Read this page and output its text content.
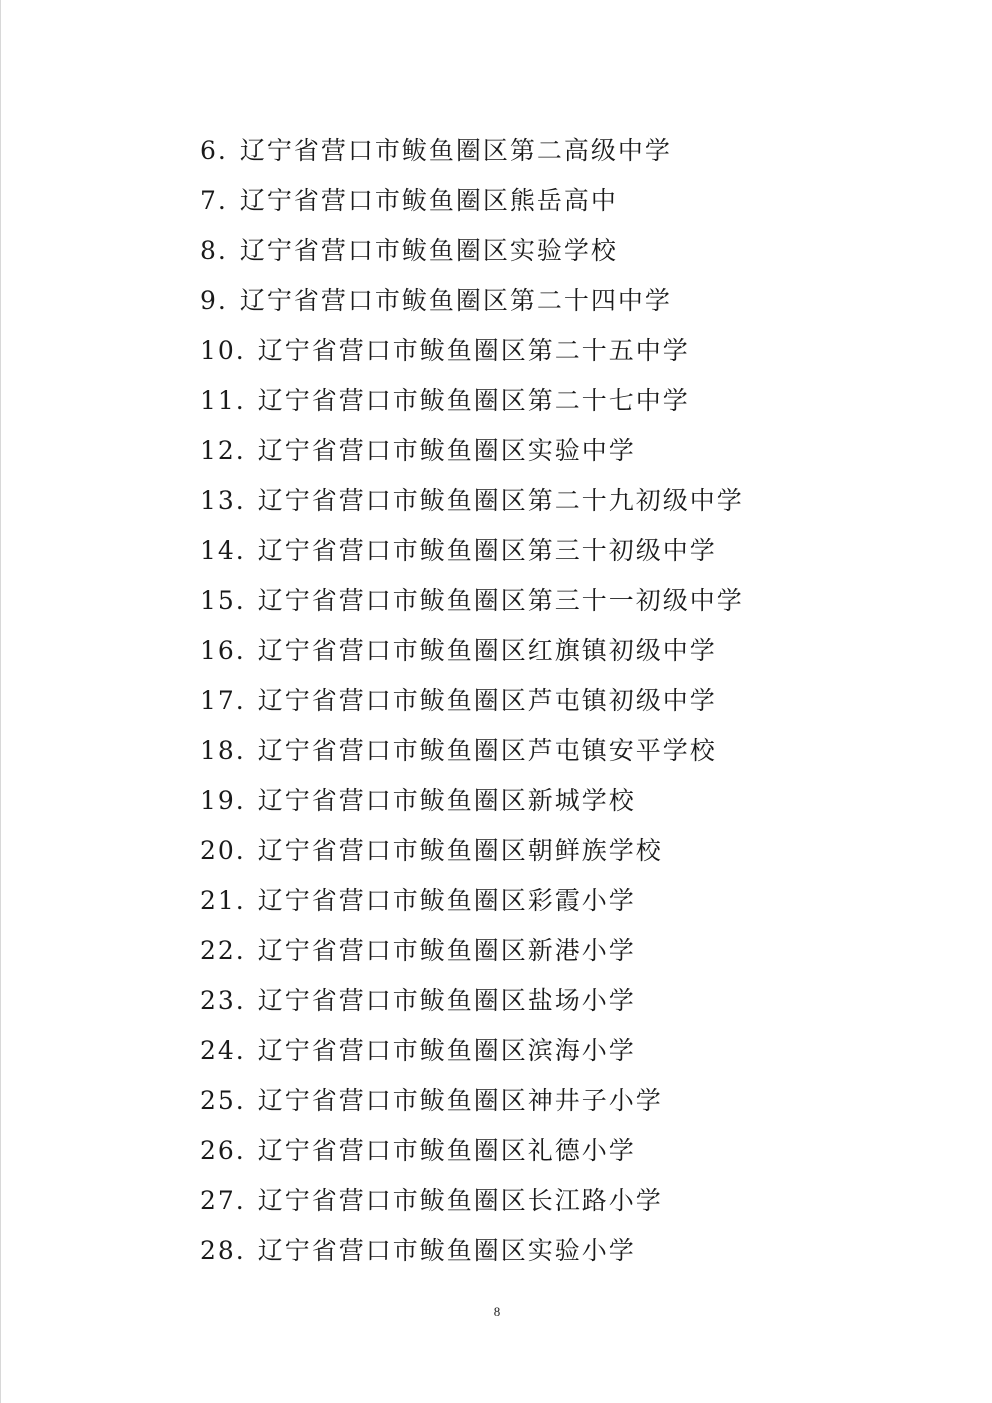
6. 辽宁省营口市鲅鱼圈区第二高级中学
7. 辽宁省营口市鲅鱼圈区熊岳高中
8. 辽宁省营口市鲅鱼圈区实验学校
9. 辽宁省营口市鲅鱼圈区第二十四中学
10. 辽宁省营口市鲅鱼圈区第二十五中学
11. 辽宁省营口市鲅鱼圈区第二十七中学
12. 辽宁省营口市鲅鱼圈区实验中学
13. 辽宁省营口市鲅鱼圈区第二十九初级中学
14. 辽宁省营口市鲅鱼圈区第三十初级中学
15. 辽宁省营口市鲅鱼圈区第三十一初级中学
16. 辽宁省营口市鲅鱼圈区红旗镇初级中学
17. 辽宁省营口市鲅鱼圈区芦屯镇初级中学
18. 辽宁省营口市鲅鱼圈区芦屯镇安平学校
19. 辽宁省营口市鲅鱼圈区新城学校
20. 辽宁省营口市鲅鱼圈区朝鲜族学校
21. 辽宁省营口市鲅鱼圈区彩霞小学
22. 辽宁省营口市鲅鱼圈区新港小学
23. 辽宁省营口市鲅鱼圈区盐场小学
24. 辽宁省营口市鲅鱼圈区滨海小学
25. 辽宁省营口市鲅鱼圈区神井子小学
26. 辽宁省营口市鲅鱼圈区礼德小学
27. 辽宁省营口市鲅鱼圈区长江路小学
28. 辽宁省营口市鲅鱼圈区实验小学
8
